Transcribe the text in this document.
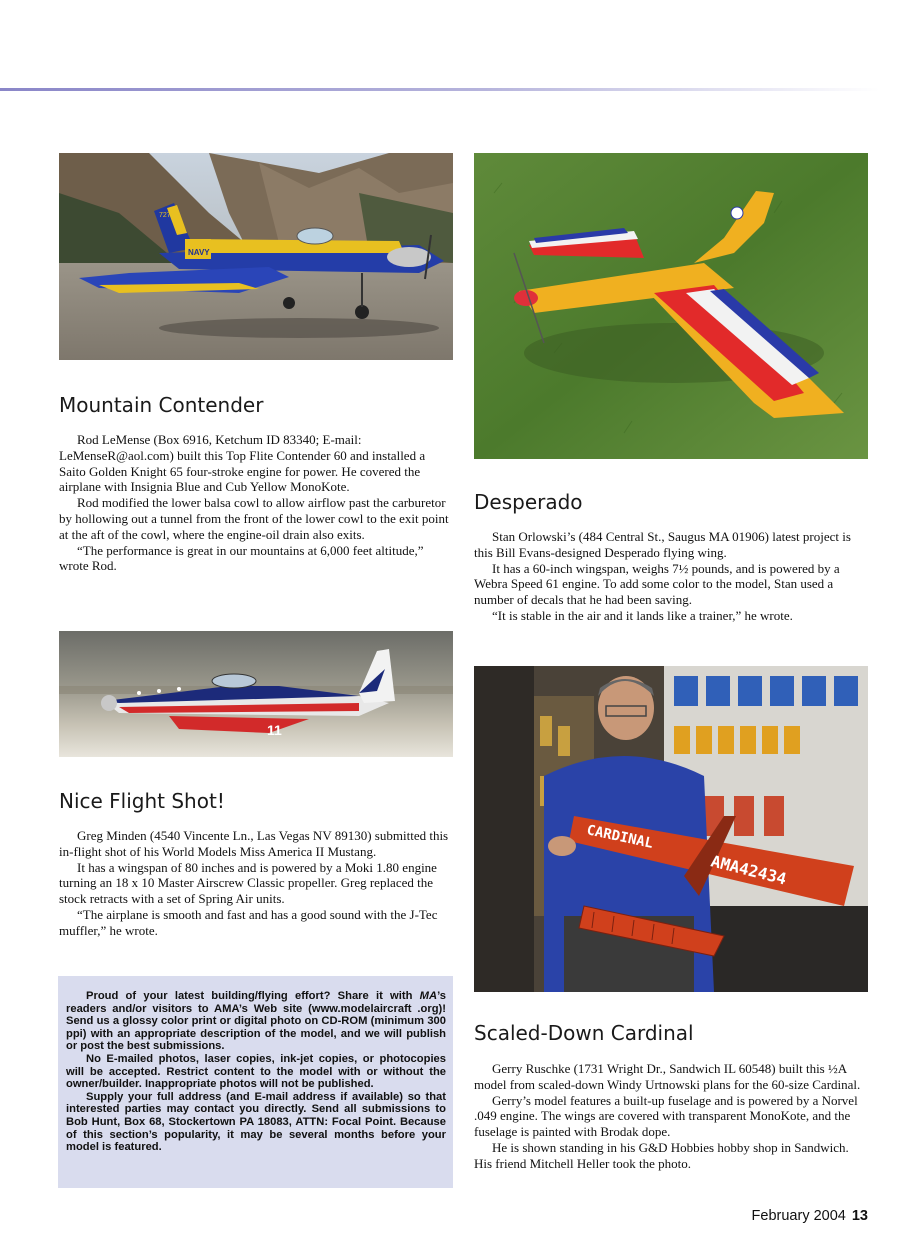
7274
NAVY
11
CARDINAL
AMA42434
Mountain Contender

Rod LeMense (Box 6916, Ketchum ID 83340; E-mail: LeMenseR@aol.com) built this Top Flite Contender 60 and installed a Saito Golden Knight 65 four-stroke engine for power. He covered the airplane with Insignia Blue and Cub Yellow MonoKote.

Rod modified the lower balsa cowl to allow airflow past the carburetor by hollowing out a tunnel from the front of the lower cowl to the exit point at the aft of the cowl, where the engine-oil drain also exits.

“The performance is great in our mountains at 6,000 feet altitude,” wrote Rod.

Desperado

Stan Orlowski’s (484 Central St., Saugus MA 01906) latest project is this Bill Evans-designed Desperado flying wing.

It has a 60-inch wingspan, weighs 7½ pounds, and is powered by a Webra Speed 61 engine. To add some color to the model, Stan used a number of decals that he had been saving.

“It is stable in the air and it lands like a trainer,” he wrote.

Nice Flight Shot!

Greg Minden (4540 Vincente Ln., Las Vegas NV 89130) submitted this in-flight shot of his World Models Miss America II Mustang.

It has a wingspan of 80 inches and is powered by a Moki 1.80 engine turning an 18 x 10 Master Airscrew Classic propeller. Greg replaced the stock retracts with a set of Spring Air units.

“The airplane is smooth and fast and has a good sound with the J-Tec muffler,” he wrote.

Scaled-Down Cardinal

Gerry Ruschke (1731 Wright Dr., Sandwich IL 60548) built this ½A model from scaled-down Windy Urtnowski plans for the 60-size Cardinal.

Gerry’s model features a built-up fuselage and is powered by a Norvel .049 engine. The wings are covered with transparent MonoKote, and the fuselage is painted with Brodak dope.

He is shown standing in his G&D Hobbies hobby shop in Sandwich. His friend Mitchell Heller took the photo.

Proud of your latest building/flying effort? Share it with MA’s readers and/or visitors to AMA’s Web site (www.modelaircraft .org)! Send us a glossy color print or digital photo on CD-ROM (minimum 300 ppi) with an appropriate description of the model, and we will publish or post the best submissions.

No E-mailed photos, laser copies, ink-jet copies, or photocopies will be accepted. Restrict content to the model with or without the owner/builder. Inappropriate photos will not be published.

Supply your full address (and E-mail address if available) so that interested parties may contact you directly. Send all submissions to Bob Hunt, Box 68, Stockertown PA 18083, ATTN: Focal Point. Because of this section’s popularity, it may be several months before your model is featured.

February 2004 13
